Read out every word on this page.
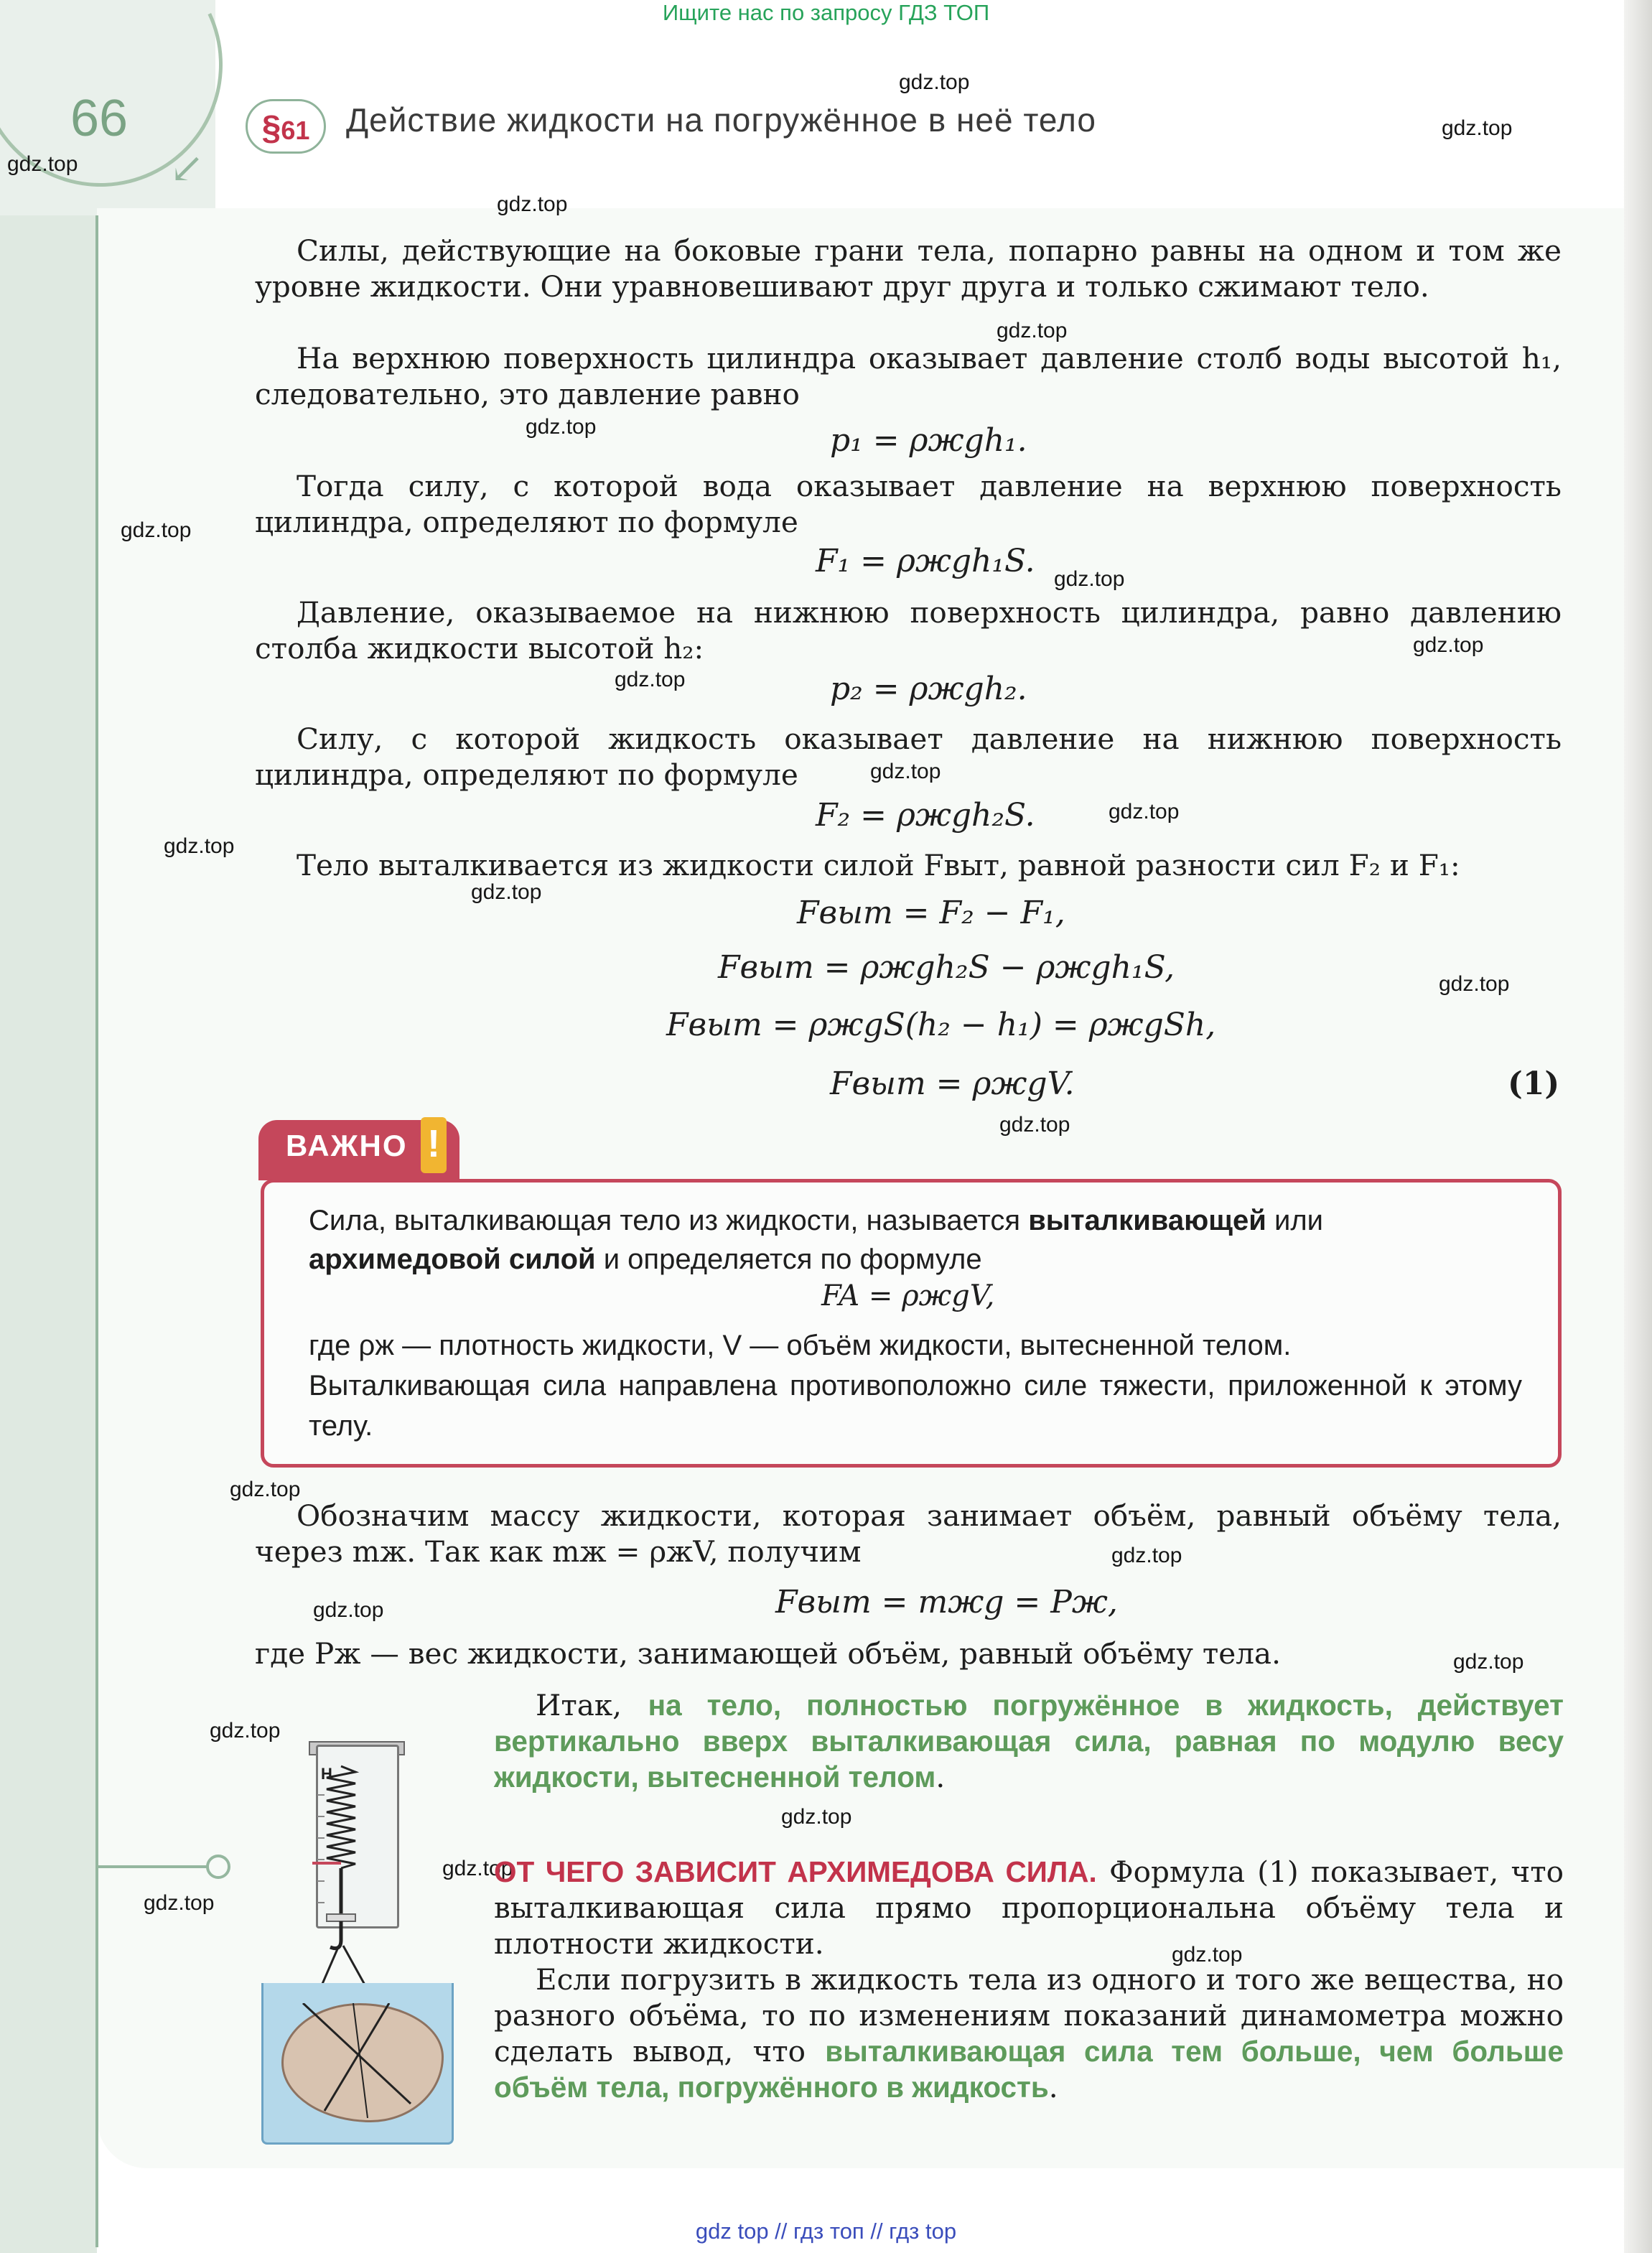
↙
Ищите нас по запросу ГДЗ ТОП
gdz top // гдз топ // гдз top
gdz.top
gdz.top
gdz.top
gdz.top
gdz.top
gdz.top
gdz.top
gdz.top
gdz.top
gdz.top
gdz.top
gdz.top
gdz.top
gdz.top
gdz.top
gdz.top
gdz.top
gdz.top
gdz.top
gdz.top
gdz.top
gdz.top
gdz.top
gdz.top
gdz.top
66	§61	Действие жидкости на погружённое в неё тело
Силы, действующие на боковые грани тела, попарно равны на одном и том же уровне жидкости. Они уравновешивают друг друга и только сжимают тело.
На верхнюю поверхность цилиндра оказывает давление столб воды высотой h₁, следовательно, это давление равно
p₁ = ρжgh₁.
Тогда силу, с которой вода оказывает давление на верхнюю поверхность цилиндра, определяют по формуле
F₁ = ρжgh₁S.
Давление, оказываемое на нижнюю поверхность цилиндра, равно давлению столба жидкости высотой h₂:
p₂ = ρжgh₂.
Силу, с которой жидкость оказывает давление на нижнюю поверхность цилиндра, определяют по формуле
F₂ = ρжgh₂S.
Тело выталкивается из жидкости силой Fвыт, равной разности сил F₂ и F₁:
Fвыт = F₂ − F₁,
Fвыт = ρжgh₂S − ρжgh₁S,
Fвыт = ρжgS(h₂ − h₁) = ρжgSh,
Fвыт = ρжgV.	(1)
ВАЖНО !
Сила, выталкивающая тело из жидкости, называется выталкивающей или
архимедовой силой и определяется по формуле
FA = ρжgV,
где ρж — плотность жидкости, V — объём жидкости, вытесненной телом.
Выталкивающая сила направлена противоположно силе тяжести, приложенной к этому телу.
Обозначим массу жидкости, которая занимает объём, равный объёму тела, через mж. Так как mж = ρжV, получим
Fвыт = mжg = Pж,
где Pж — вес жидкости, занимающей объём, равный объёму тела.
Итак, на тело, полностью погружённое в жидкость, действует вертикально вверх выталкивающая сила, равная по модулю весу жидкости, вытесненной телом.
ОТ ЧЕГО ЗАВИСИТ АРХИМЕДОВА СИЛА. Формула (1) показывает, что выталкивающая сила прямо пропорциональна объёму тела и плотности жидкости.
Если погрузить в жидкость тела из одного и того же вещества, но разного объёма, то по изменениям показаний динамометра можно сделать вывод, что выталкивающая сила тем больше, чем больше объём тела, погружённого в жидкость.
Н
